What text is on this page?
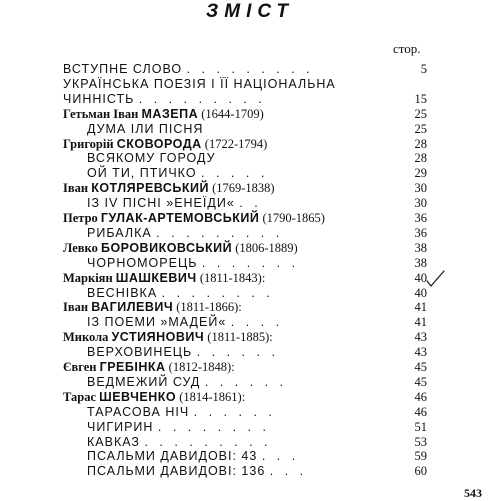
ЗМІСТ
стор.
ВСТУПНЕ СЛОВО . . . . . . . . .	5
УКРАЇНСЬКА ПОЕЗІЯ І ЇЇ НАЦІОНАЛЬНА
ЧИННІСТЬ . . . . . . . . .	15
Гетьман Іван МАЗЕПА (1644-1709)	25
ДУМА ІЛИ ПІСНЯ	25
Григорій СКОВОРОДА (1722-1794)	28
ВСЯКОМУ ГОРОДУ	28
ОЙ ТИ, ПТИЧКО . . . . .	29
Іван КОТЛЯРЕВСЬКИЙ (1769-1838)	30
ІЗ IV ПІСНІ »ЕНЕЇДИ« . .	30
Петро ГУЛАК-АРТЕМОВСЬКИЙ (1790-1865)	36
РИБАЛКА . . . . . . . . .	36
Левко БОРОВИКОВСЬКИЙ (1806-1889)	38
ЧОРНОМОРЕЦЬ . . . . . . .	38
Маркіян ШАШКЕВИЧ (1811-1843):	40
ВЕСНІВКА . . . . . . . .	40
Іван ВАГИЛЕВИЧ (1811-1866):	41
ІЗ ПОЕМИ »МАДЕЙ« . . . .	41
Микола УСТИЯНОВИЧ (1811-1885):	43
ВЕРХОВИНЕЦЬ . . . . . .	43
Євген ГРЕБІНКА (1812-1848):	45
ВЕДМЕЖИЙ СУД . . . . . .	45
Тарас ШЕВЧЕНКО (1814-1861):	46
ТАРАСОВА НІЧ . . . . . .	46
ЧИГИРИН . . . . . . . .	51
КАВКАЗ . . . . . . . . .	53
ПСАЛЬМИ ДАВИДОВІ: 43 . . .	59
ПСАЛЬМИ ДАВИДОВІ: 136 . . .	60
543
